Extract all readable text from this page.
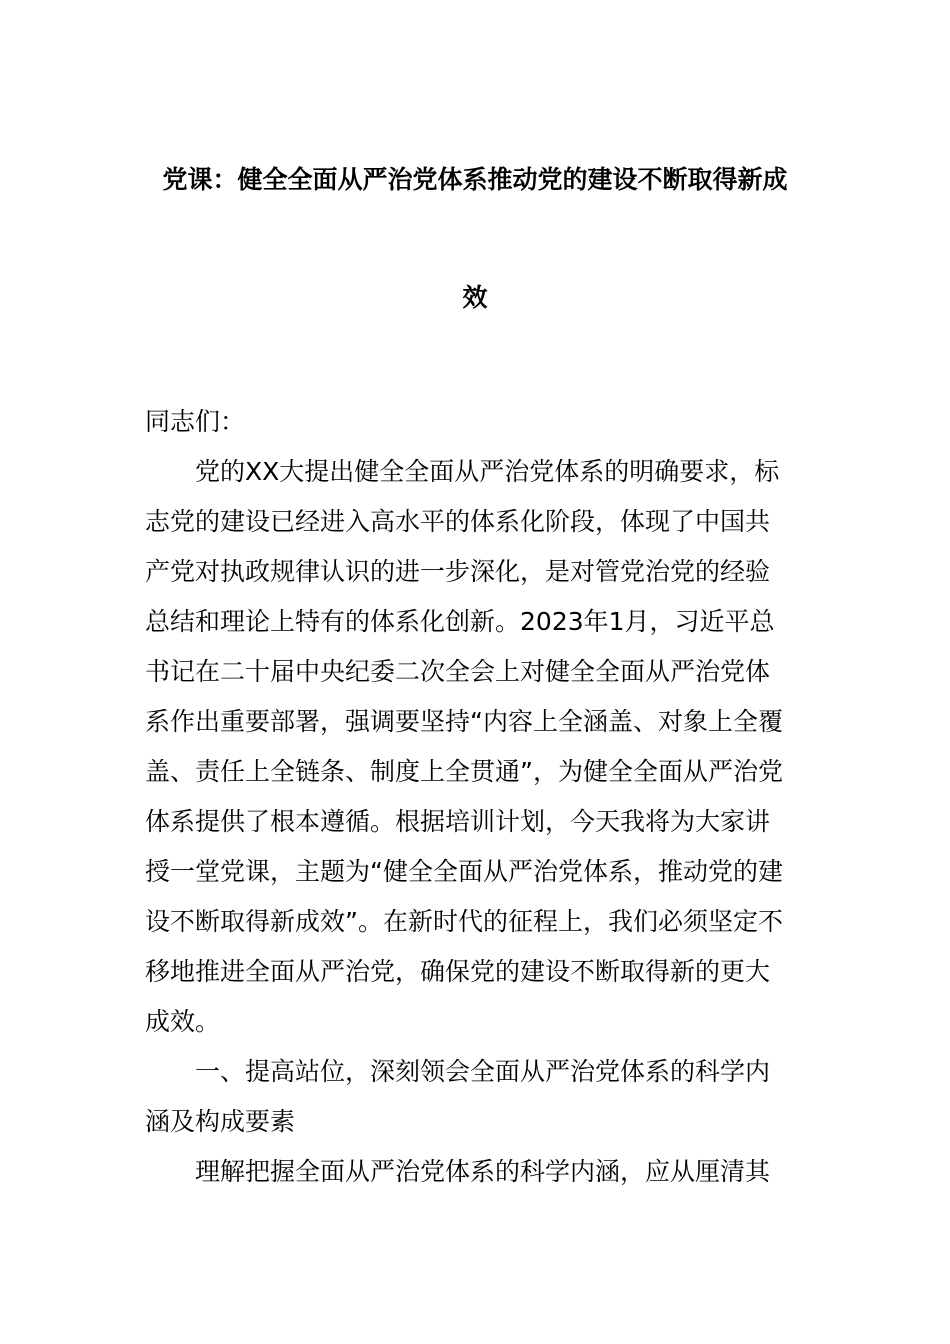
党课：健全全面从严治党体系推动党的建设不断取得新成
效
同志们：
党的XX大提出健全全面从严治党体系的明确要求，标
志党的建设已经进入高水平的体系化阶段，体现了中国共
产党对执政规律认识的进一步深化，是对管党治党的经验
总结和理论上特有的体系化创新。2023年1月，习近平总
书记在二十届中央纪委二次全会上对健全全面从严治党体
系作出重要部署，强调要坚持“内容上全涵盖、对象上全覆
盖、责任上全链条、制度上全贯通”，为健全全面从严治党
体系提供了根本遵循。根据培训计划，今天我将为大家讲
授一堂党课，主题为“健全全面从严治党体系，推动党的建
设不断取得新成效”。在新时代的征程上，我们必须坚定不
移地推进全面从严治党，确保党的建设不断取得新的更大
成效。
一、提高站位，深刻领会全面从严治党体系的科学内
涵及构成要素
理解把握全面从严治党体系的科学内涵，应从厘清其
